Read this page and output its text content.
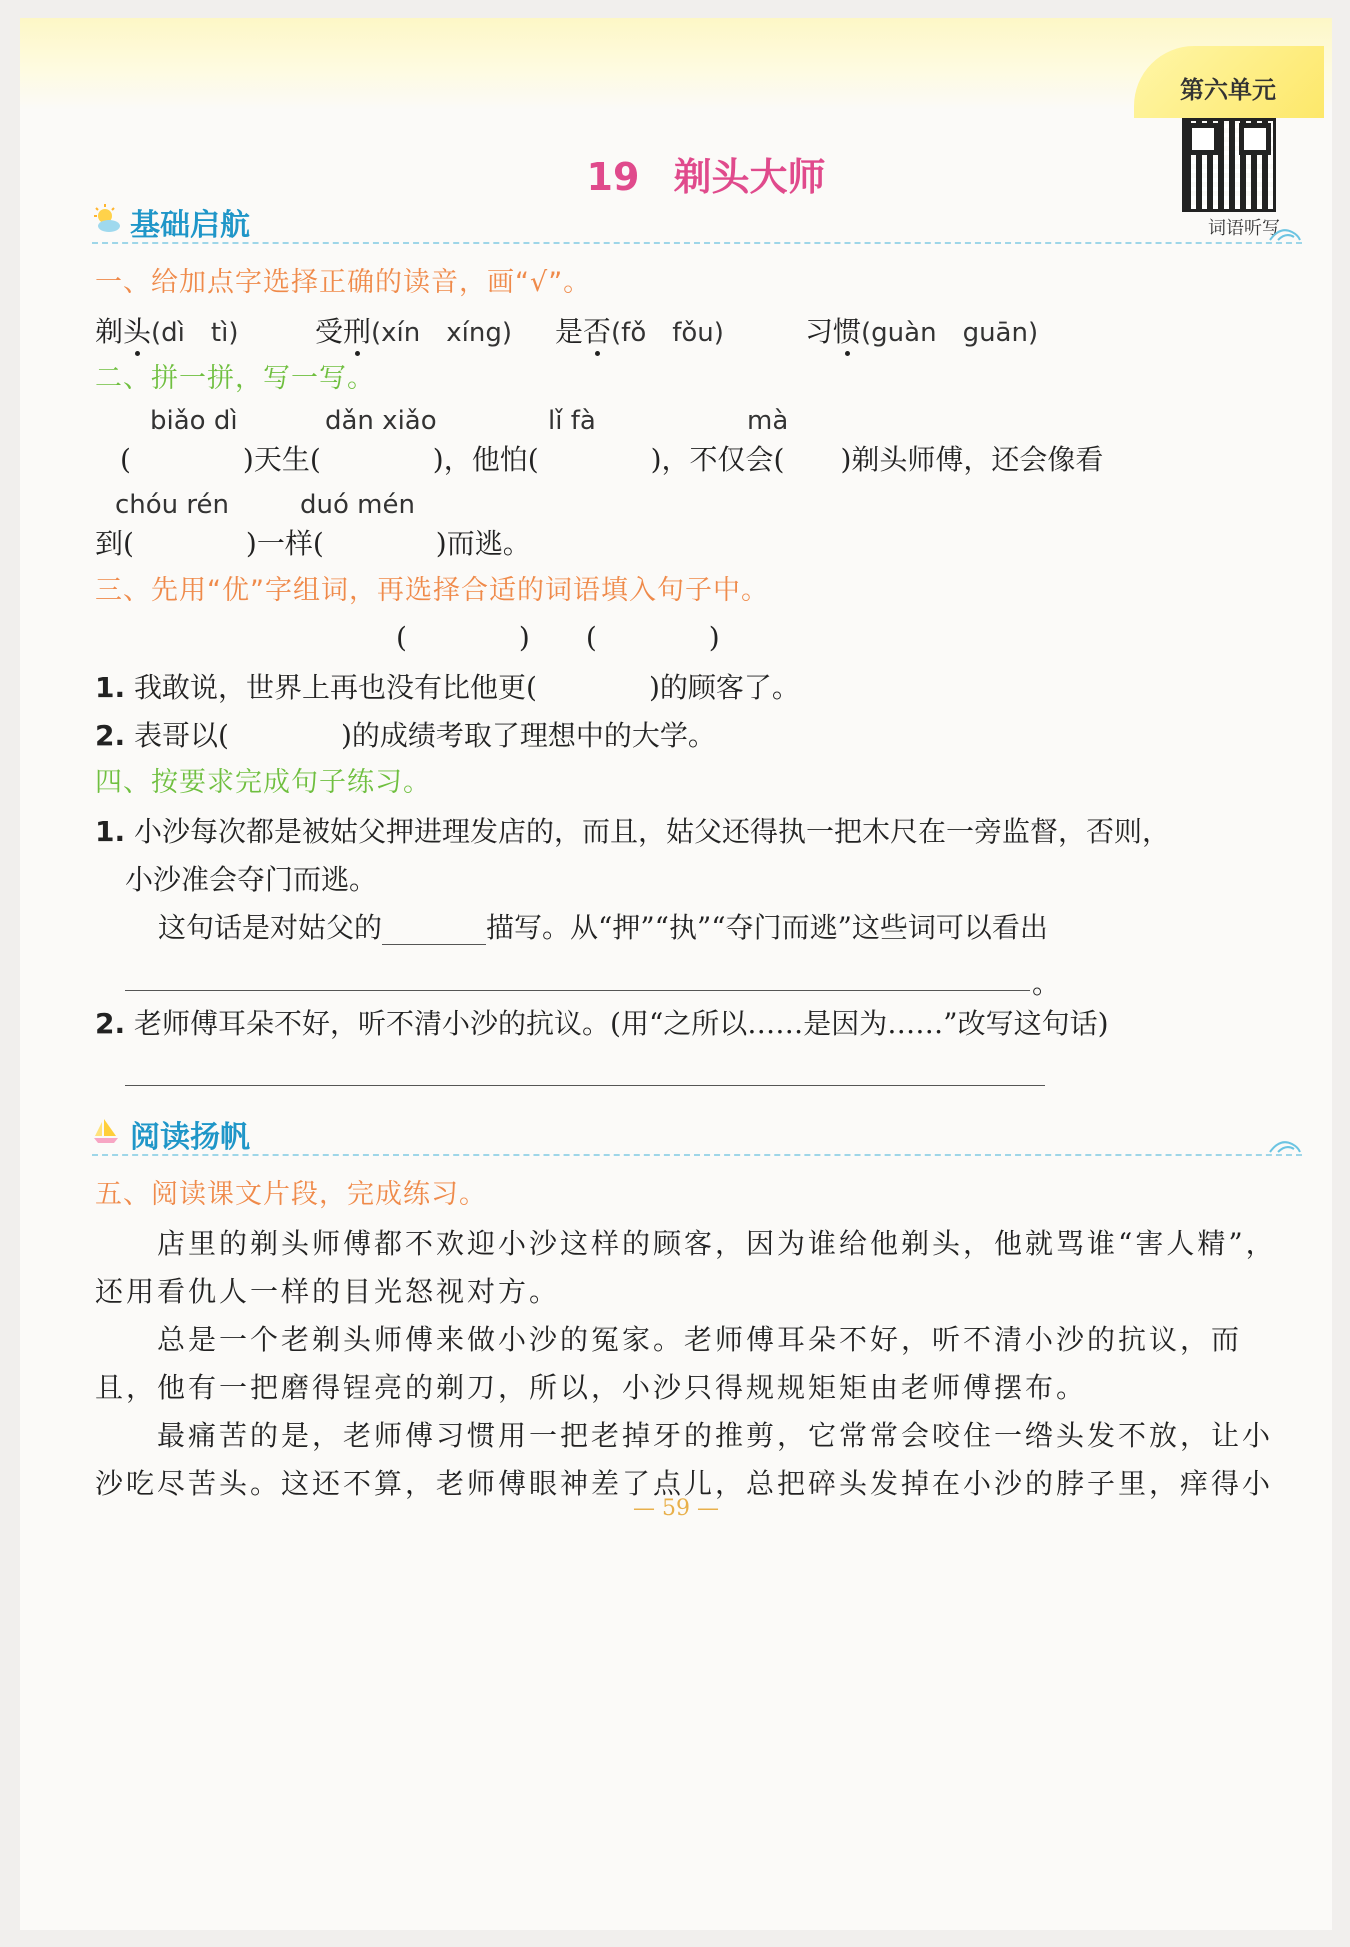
第六单元
词语听写
19 剃头大师
基础启航
一、给加点字选择正确的读音，画“√”。
剃头(dì　tì)	受刑(xín　xíng) 是否(fǒ　fǒu)	习惯(guàn　guān)
二、拼一拼，写一写。
biǎo dì	dǎn xiǎo	lǐ fà	mà
(　　　　)天生(　　　　)，他怕(　　　　)，不仅会(　　)剃头师傅，还会像看
chóu rén	duó mén
到(　　　　)一样(　　　　)而逃。
三、先用“优”字组词，再选择合适的词语填入句子中。
(　　　　)　　(　　　　)
1. 我敢说，世界上再也没有比他更(　　　　)的顾客了。
2. 表哥以(　　　　)的成绩考取了理想中的大学。
四、按要求完成句子练习。
1. 小沙每次都是被姑父押进理发店的，而且，姑父还得执一把木尺在一旁监督，否则，
小沙准会夺门而逃。
这句话是对姑父的	描写。从“押”“执”“夺门而逃”这些词可以看出
。
2. 老师傅耳朵不好，听不清小沙的抗议。(用“之所以……是因为……”改写这句话)
阅读扬帆
五、阅读课文片段，完成练习。
　　店里的剃头师傅都不欢迎小沙这样的顾客，因为谁给他剃头，他就骂谁“害人精”，
还用看仇人一样的目光怒视对方。
　　总是一个老剃头师傅来做小沙的冤家。老师傅耳朵不好，听不清小沙的抗议，而
且，他有一把磨得锃亮的剃刀，所以，小沙只得规规矩矩由老师傅摆布。
　　最痛苦的是，老师傅习惯用一把老掉牙的推剪，它常常会咬住一绺头发不放，让小
沙吃尽苦头。这还不算，老师傅眼神差了点儿，总把碎头发掉在小沙的脖子里，痒得小
— 59 —
